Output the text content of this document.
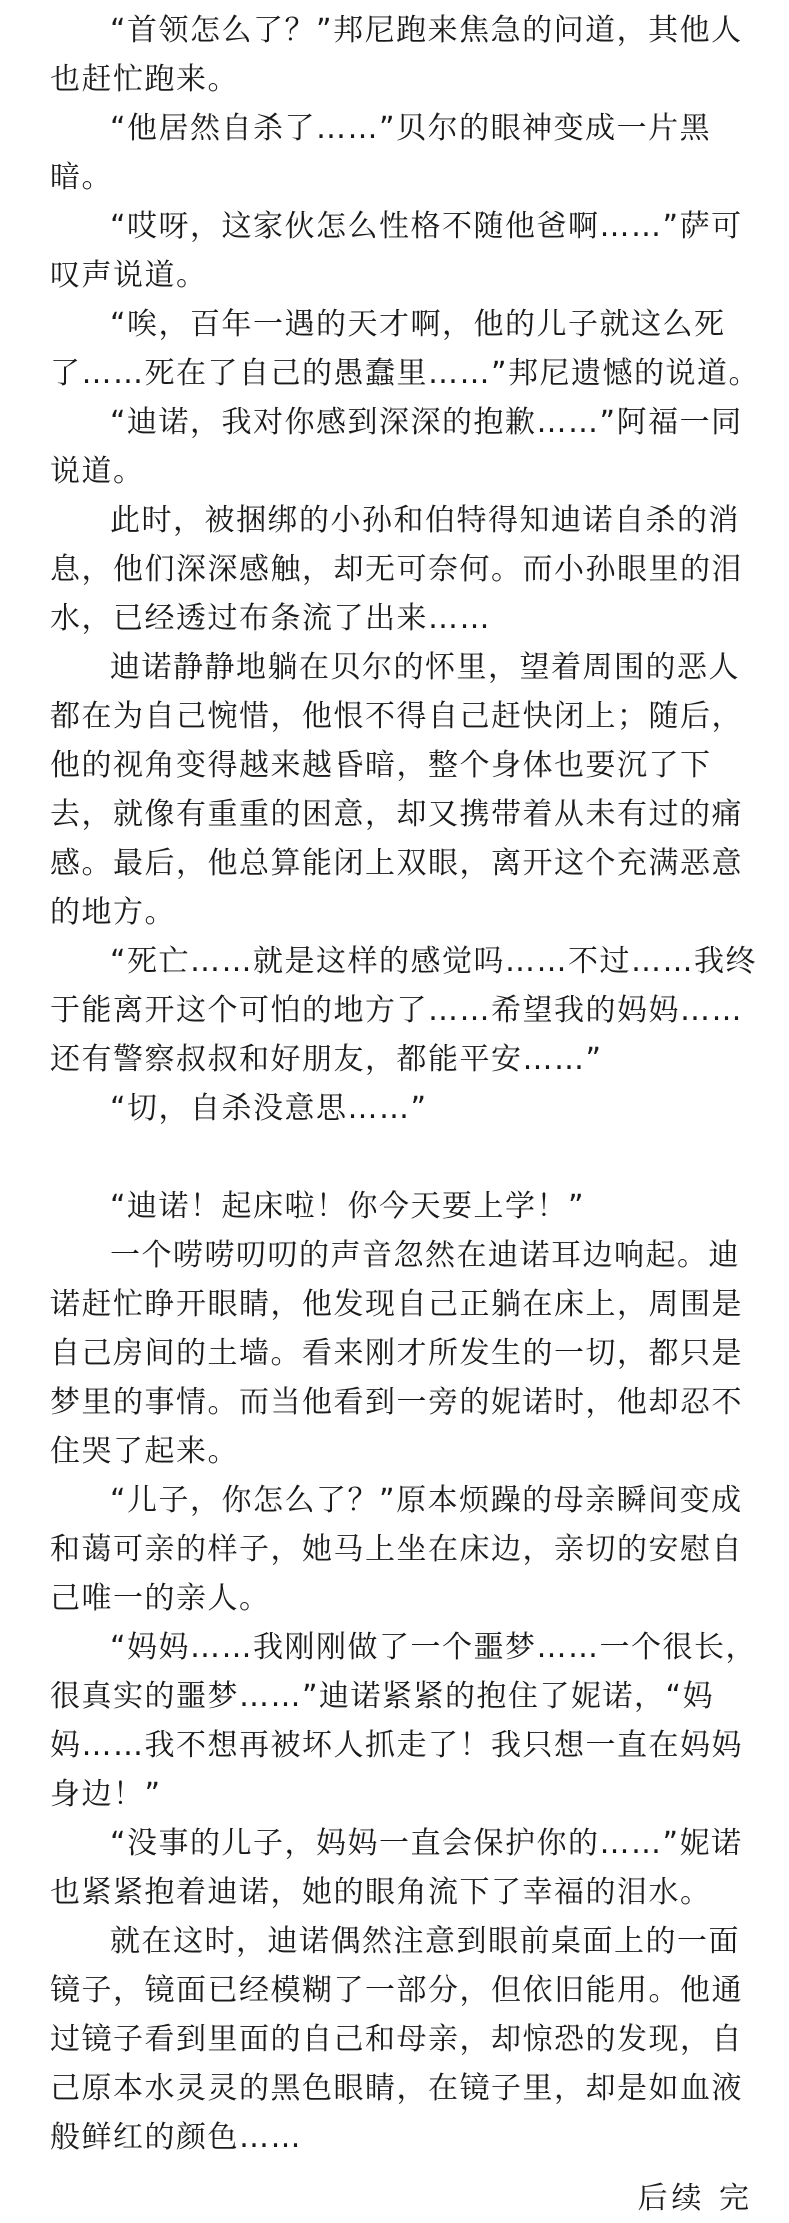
“首领怎么了？”邦尼跑来焦急的问道，其他人也赶忙跑来。

“他居然自杀了……”贝尔的眼神变成一片黑暗。

“哎呀，这家伙怎么性格不随他爸啊……”萨可叹声说道。

“唉，百年一遇的天才啊，他的儿子就这么死了……死在了自己的愚蠢里……”邦尼遗憾的说道。

“迪诺，我对你感到深深的抱歉……”阿福一同说道。

此时，被捆绑的小孙和伯特得知迪诺自杀的消息，他们深深感触，却无可奈何。而小孙眼里的泪水，已经透过布条流了出来……

迪诺静静地躺在贝尔的怀里，望着周围的恶人都在为自己惋惜，他恨不得自己赶快闭上；随后，他的视角变得越来越昏暗，整个身体也要沉了下去，就像有重重的困意，却又携带着从未有过的痛感。最后，他总算能闭上双眼，离开这个充满恶意的地方。

“死亡……就是这样的感觉吗……不过……我终于能离开这个可怕的地方了……希望我的妈妈……还有警察叔叔和好朋友，都能平安……”

“切，自杀没意思……”

“迪诺！起床啦！你今天要上学！”

一个唠唠叨叨的声音忽然在迪诺耳边响起。迪诺赶忙睁开眼睛，他发现自己正躺在床上，周围是自己房间的土墙。看来刚才所发生的一切，都只是梦里的事情。而当他看到一旁的妮诺时，他却忍不住哭了起来。

“儿子，你怎么了？”原本烦躁的母亲瞬间变成和蔼可亲的样子，她马上坐在床边，亲切的安慰自己唯一的亲人。

“妈妈……我刚刚做了一个噩梦……一个很长，很真实的噩梦……”迪诺紧紧的抱住了妮诺，“妈妈……我不想再被坏人抓走了！我只想一直在妈妈身边！”

“没事的儿子，妈妈一直会保护你的……”妮诺也紧紧抱着迪诺，她的眼角流下了幸福的泪水。

就在这时，迪诺偶然注意到眼前桌面上的一面镜子，镜面已经模糊了一部分，但依旧能用。他通过镜子看到里面的自己和母亲，却惊恐的发现，自己原本水灵灵的黑色眼睛，在镜子里，却是如血液般鲜红的颜色……

后续 完
